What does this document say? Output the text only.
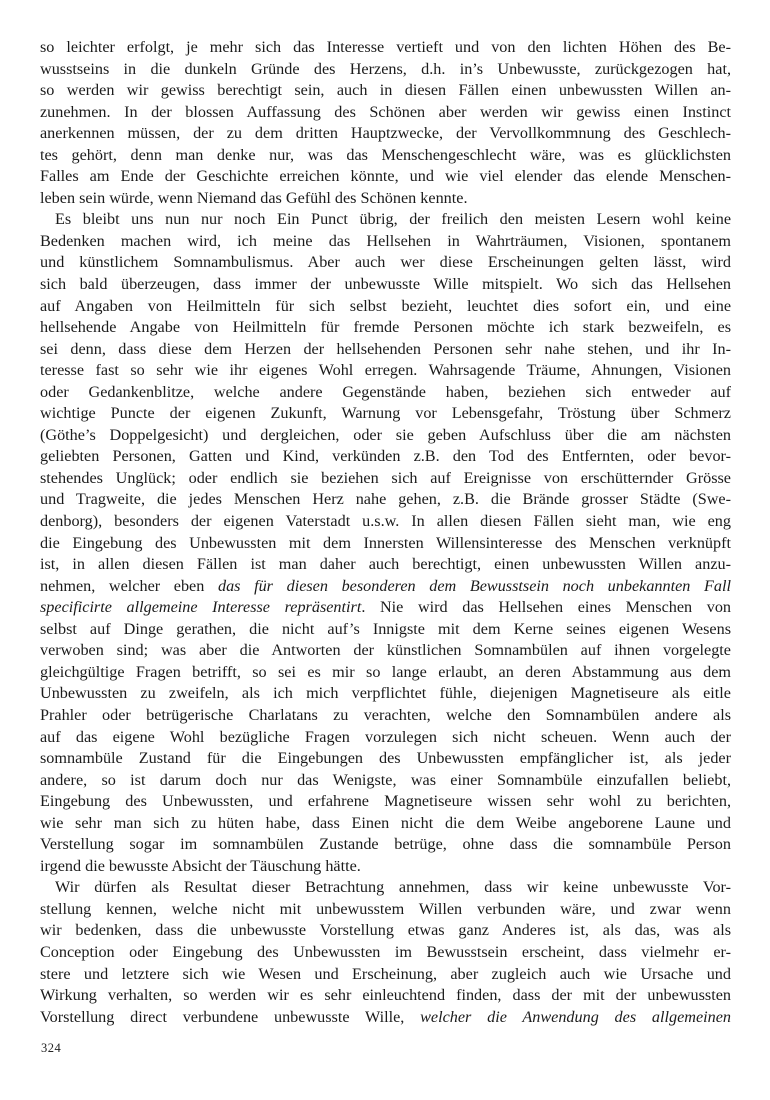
so leichter erfolgt, je mehr sich das Interesse vertieft und von den lichten Höhen des Be-
wusstseins in die dunkeln Gründe des Herzens, d.h. in’s Unbewusste, zurückgezogen hat,
so werden wir gewiss berechtigt sein, auch in diesen Fällen einen unbewussten Willen an-
zunehmen. In der blossen Auffassung des Schönen aber werden wir gewiss einen Instinct
anerkennen müssen, der zu dem dritten Hauptzwecke, der Vervollkommnung des Geschlech-
tes gehört, denn man denke nur, was das Menschengeschlecht wäre, was es glücklichsten
Falles am Ende der Geschichte erreichen könnte, und wie viel elender das elende Menschen-
leben sein würde, wenn Niemand das Gefühl des Schönen kennte.
Es bleibt uns nun nur noch Ein Punct übrig, der freilich den meisten Lesern wohl keine
Bedenken machen wird, ich meine das Hellsehen in Wahrträumen, Visionen, spontanem
und künstlichem Somnambulismus. Aber auch wer diese Erscheinungen gelten lässt, wird
sich bald überzeugen, dass immer der unbewusste Wille mitspielt. Wo sich das Hellsehen
auf Angaben von Heilmitteln für sich selbst bezieht, leuchtet dies sofort ein, und eine
hellsehende Angabe von Heilmitteln für fremde Personen möchte ich stark bezweifeln, es
sei denn, dass diese dem Herzen der hellsehenden Personen sehr nahe stehen, und ihr In-
teresse fast so sehr wie ihr eigenes Wohl erregen. Wahrsagende Träume, Ahnungen, Visionen
oder Gedankenblitze, welche andere Gegenstände haben, beziehen sich entweder auf
wichtige Puncte der eigenen Zukunft, Warnung vor Lebensgefahr, Tröstung über Schmerz
(Göthe’s Doppelgesicht) und dergleichen, oder sie geben Aufschluss über die am nächsten
geliebten Personen, Gatten und Kind, verkünden z.B. den Tod des Entfernten, oder bevor-
stehendes Unglück; oder endlich sie beziehen sich auf Ereignisse von erschütternder Grösse
und Tragweite, die jedes Menschen Herz nahe gehen, z.B. die Brände grosser Städte (Swe-
denborg), besonders der eigenen Vaterstadt u.s.w. In allen diesen Fällen sieht man, wie eng
die Eingebung des Unbewussten mit dem Innersten Willensinteresse des Menschen verknüpft
ist, in allen diesen Fällen ist man daher auch berechtigt, einen unbewussten Willen anzu-
nehmen, welcher eben das für diesen besonderen dem Bewusstsein noch unbekannten Fall
specificirte allgemeine Interesse repräsentirt. Nie wird das Hellsehen eines Menschen von
selbst auf Dinge gerathen, die nicht auf’s Innigste mit dem Kerne seines eigenen Wesens
verwoben sind; was aber die Antworten der künstlichen Somnambülen auf ihnen vorgelegte
gleichgültige Fragen betrifft, so sei es mir so lange erlaubt, an deren Abstammung aus dem
Unbewussten zu zweifeln, als ich mich verpflichtet fühle, diejenigen Magnetiseure als eitle
Prahler oder betrügerische Charlatans zu verachten, welche den Somnambülen andere als
auf das eigene Wohl bezügliche Fragen vorzulegen sich nicht scheuen. Wenn auch der
somnambüle Zustand für die Eingebungen des Unbewussten empfänglicher ist, als jeder
andere, so ist darum doch nur das Wenigste, was einer Somnambüle einzufallen beliebt,
Eingebung des Unbewussten, und erfahrene Magnetiseure wissen sehr wohl zu berichten,
wie sehr man sich zu hüten habe, dass Einen nicht die dem Weibe angeborene Laune und
Verstellung sogar im somnambülen Zustande betrüge, ohne dass die somnambüle Person
irgend die bewusste Absicht der Täuschung hätte.
Wir dürfen als Resultat dieser Betrachtung annehmen, dass wir keine unbewusste Vor-
stellung kennen, welche nicht mit unbewusstem Willen verbunden wäre, und zwar wenn
wir bedenken, dass die unbewusste Vorstellung etwas ganz Anderes ist, als das, was als
Conception oder Eingebung des Unbewussten im Bewusstsein erscheint, dass vielmehr er-
stere und letztere sich wie Wesen und Erscheinung, aber zugleich auch wie Ursache und
Wirkung verhalten, so werden wir es sehr einleuchtend finden, dass der mit der unbewussten
Vorstellung direct verbundene unbewusste Wille, welcher die Anwendung des allgemeinen
324
